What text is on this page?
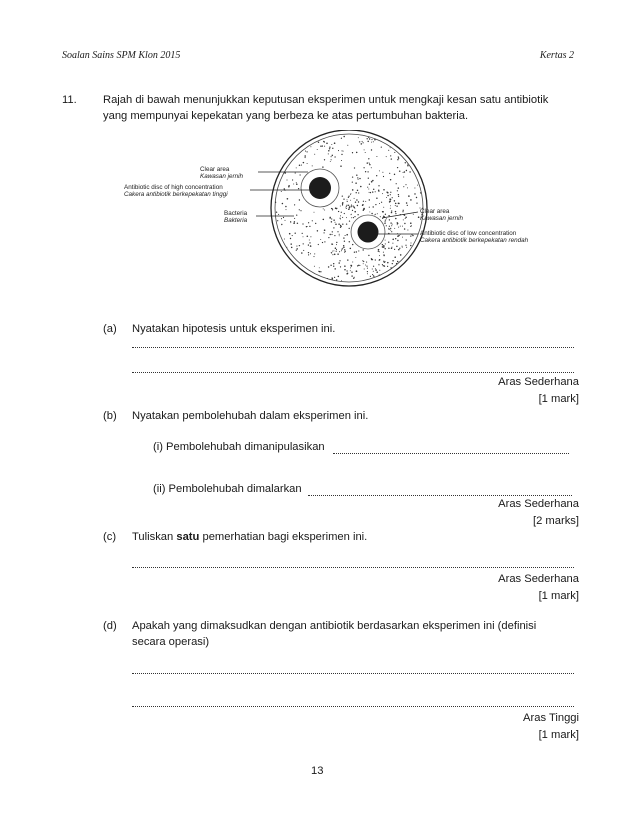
Soalan Sains SPM Klon 2015	Kertas 2
11. Rajah di bawah menunjukkan keputusan eksperimen untuk mengkaji kesan satu antibiotik
yang mempunyai kepekatan yang berbeza ke atas pertumbuhan bakteria.
Clear area
Kawasan jernih
Antibiotic disc of high concentration
Cakera antibiotik berkepekatan tinggi
Bacteria
Bakteria
Clear area
Kawasan jernih
Antibiotic disc of low concentration
Cakera antibiotik berkepekatan rendah
(a) Nyatakan hipotesis untuk eksperimen ini.
Aras Sederhana
[1 mark]
(b) Nyatakan pembolehubah dalam eksperimen ini.
(i) Pembolehubah dimanipulasikan
(ii) Pembolehubah dimalarkan
Aras Sederhana
[2 marks]
(c) Tuliskan satu pemerhatian bagi eksperimen ini.
Aras Sederhana
[1 mark]
(d) Apakah yang dimaksudkan dengan antibiotik berdasarkan eksperimen ini (definisi
secara operasi)
Aras Tinggi
[1 mark]
13
